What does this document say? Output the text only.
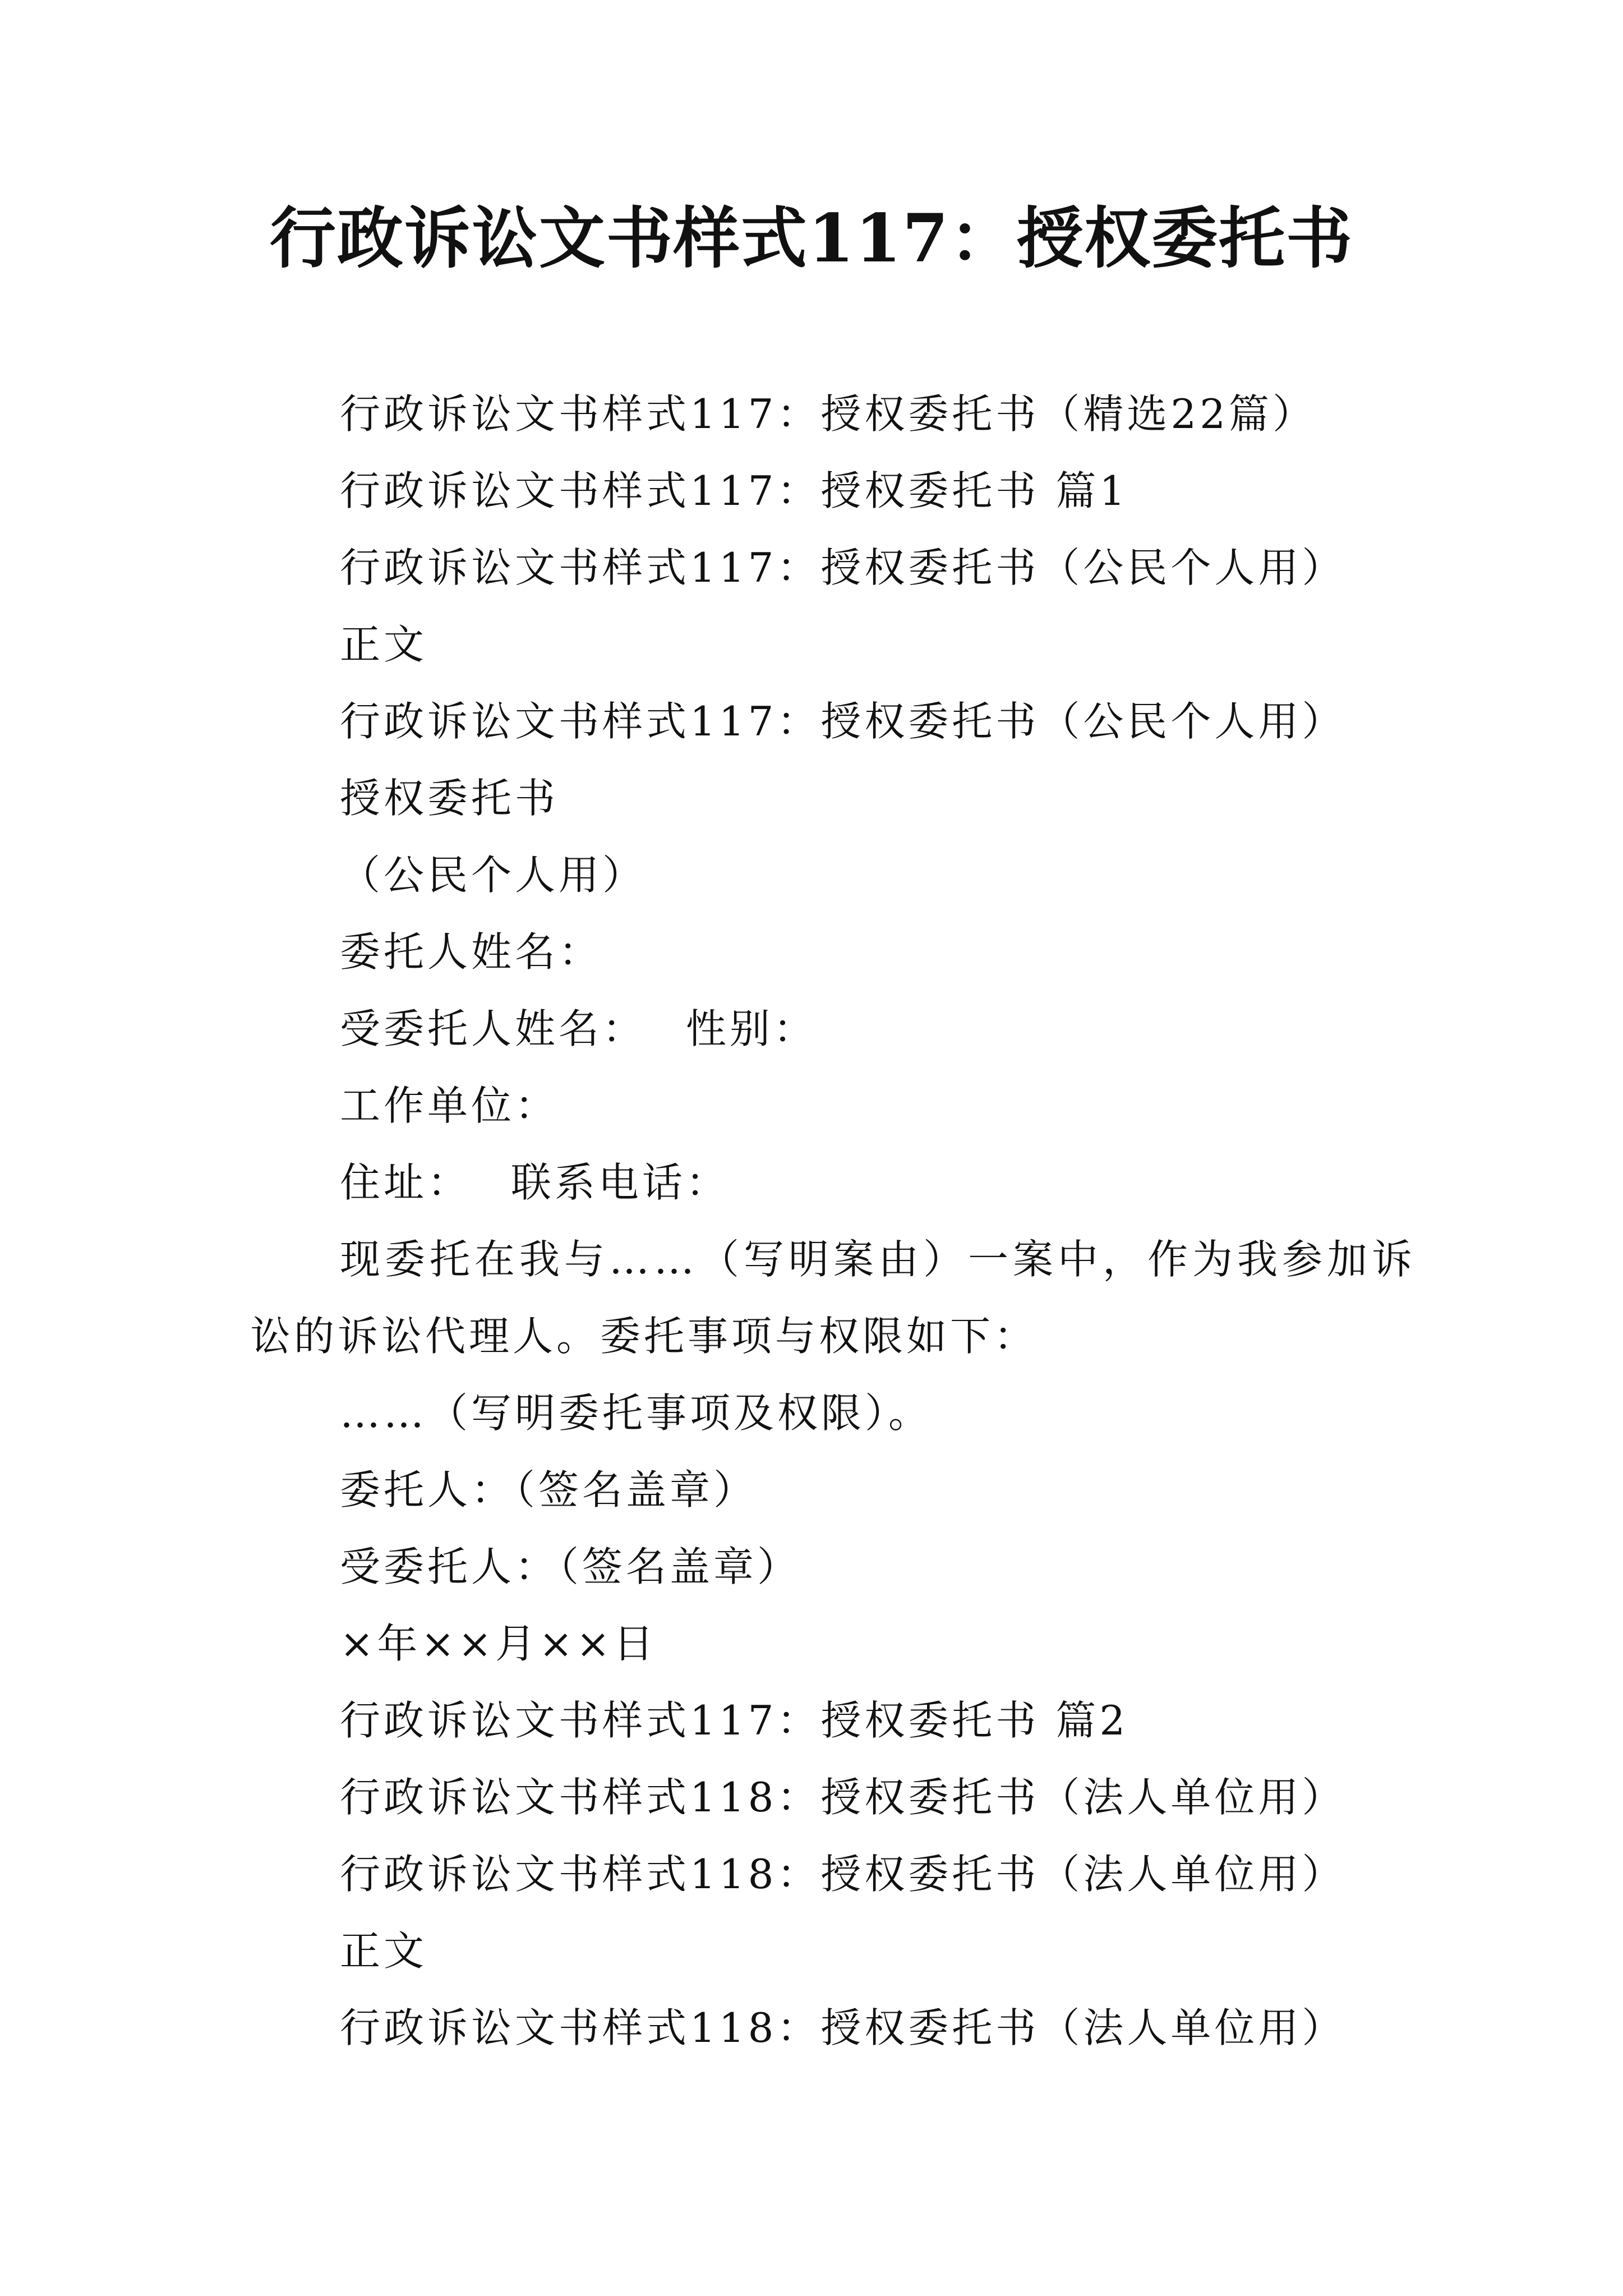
行政诉讼文书样式117：授权委托书
行政诉讼文书样式117：授权委托书（精选22篇）
行政诉讼文书样式117：授权委托书 篇1
行政诉讼文书样式117：授权委托书（公民个人用）
正文
行政诉讼文书样式117：授权委托书（公民个人用）
授权委托书
（公民个人用）
委托人姓名：
受委托人姓名：　 性别：
工作单位：
住址：　 联系电话：
现委托在我与……（写明案由）一案中，作为我参加诉
讼的诉讼代理人。委托事项与权限如下：
……（写明委托事项及权限）。
委托人：（签名盖章）
受委托人：（签名盖章）
×年××月××日
行政诉讼文书样式117：授权委托书 篇2
行政诉讼文书样式118：授权委托书（法人单位用）
行政诉讼文书样式118：授权委托书（法人单位用）
正文
行政诉讼文书样式118：授权委托书（法人单位用）
